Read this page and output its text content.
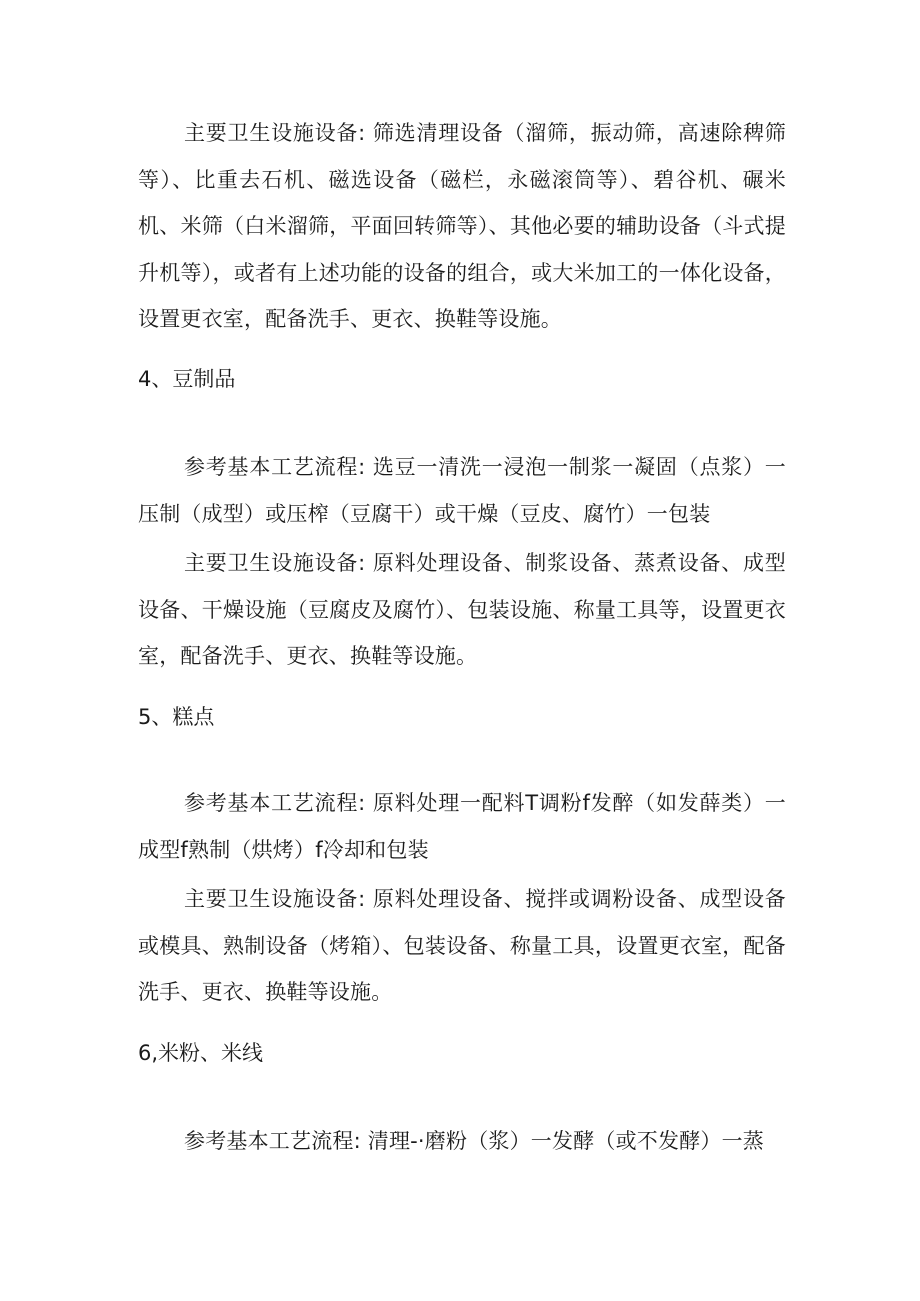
主要卫生设施设备: 筛选清理设备（溜筛，振动筛，高速除稗筛等）、比重去石机、磁选设备（磁栏，永磁滚筒等）、碧谷机、碾米机、米筛（白米溜筛，平面回转筛等）、其他必要的辅助设备（斗式提升机等），或者有上述功能的设备的组合，或大米加工的一体化设备，设置更衣室，配备洗手、更衣、换鞋等设施。

4、豆制品

参考基本工艺流程: 选豆一清洗一浸泡一制浆一凝固（点浆）一压制（成型）或压榨（豆腐干）或干燥（豆皮、腐竹）一包装

主要卫生设施设备: 原料处理设备、制浆设备、蒸煮设备、成型设备、干燥设施（豆腐皮及腐竹）、包装设施、称量工具等，设置更衣室，配备洗手、更衣、换鞋等设施。

5、糕点

参考基本工艺流程: 原料处理一配料T调粉f发醉（如发薛类）一成型f熟制（烘烤）f冷却和包装

主要卫生设施设备: 原料处理设备、搅拌或调粉设备、成型设备或模具、熟制设备（烤箱）、包装设备、称量工具，设置更衣室，配备洗手、更衣、换鞋等设施。

6,米粉、米线

参考基本工艺流程: 清理-·磨粉（浆）一发酵（或不发酵）一蒸
